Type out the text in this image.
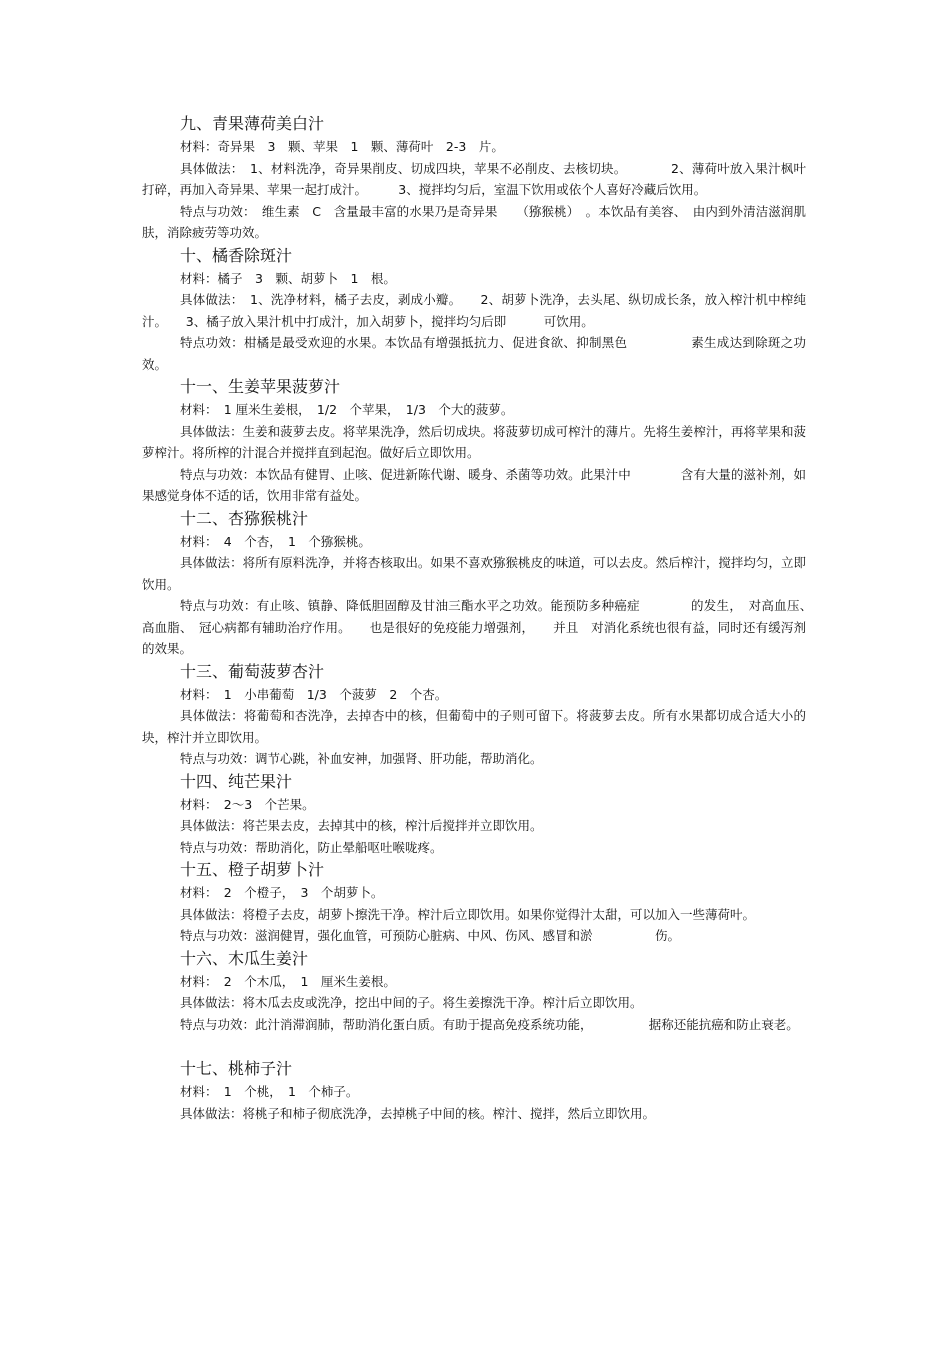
九、青果薄荷美白汁

材料：奇异果　3　颗、苹果　1　颗、薄荷叶　2-3　片。

具体做法：　1、材料洗净，奇异果削皮、切成四块，苹果不必削皮、去核切块。　　　　2、薄荷叶放入果汁枫叶打碎，再加入奇异果、苹果一起打成汁。　　　3、搅拌均匀后，室温下饮用或依个人喜好冷藏后饮用。

特点与功效：　维生素　C　含量最丰富的水果乃是奇异果　　（猕猴桃）　。本饮品有美容、　由内到外清洁滋润肌肤，消除疲劳等功效。

十、橘香除斑汁

材料：橘子　3　颗、胡萝卜　1　根。

具体做法：　1、洗净材料，橘子去皮，剥成小瓣。　　2、胡萝卜洗净，去头尾、纵切成长条，放入榨汁机中榨纯汁。　　3、橘子放入果汁机中打成汁，加入胡萝卜，搅拌均匀后即　　　可饮用。

特点功效：柑橘是最受欢迎的水果。本饮品有增强抵抗力、促进食欲、抑制黑色　　　　　素生成达到除斑之功效。

十一、生姜苹果菠萝汁

材料：　1 厘米生姜根，　1/2　个苹果，　1/3　个大的菠萝。

具体做法：生姜和菠萝去皮。将苹果洗净，然后切成块。将菠萝切成可榨汁的薄片。先将生姜榨汁，再将苹果和菠萝榨汁。将所榨的汁混合并搅拌直到起泡。做好后立即饮用。

特点与功效：本饮品有健胃、止咳、促进新陈代谢、暖身、杀菌等功效。此果汁中　　　　含有大量的滋补剂，如果感觉身体不适的话，饮用非常有益处。

十二、杏猕猴桃汁

材料：　4　个杏，　1　个猕猴桃。

具体做法：将所有原料洗净，并将杏核取出。如果不喜欢猕猴桃皮的味道，可以去皮。然后榨汁，搅拌均匀，立即饮用。

特点与功效：有止咳、镇静、降低胆固醇及甘油三酯水平之功效。能预防多种癌症　　　　的发生，　对高血压、　高血脂、　冠心病都有辅助治疗作用。　　也是很好的免疫能力增强剂，　　并且　对消化系统也很有益，同时还有缓泻剂的效果。

十三、葡萄菠萝杏汁

材料：　1　小串葡萄　1/3　个菠萝　2　个杏。

具体做法：将葡萄和杏洗净，去掉杏中的核，但葡萄中的子则可留下。将菠萝去皮。所有水果都切成合适大小的块，榨汁并立即饮用。

特点与功效：调节心跳，补血安神，加强肾、肝功能，帮助消化。

十四、纯芒果汁

材料：　2～3　个芒果。

具体做法：将芒果去皮，去掉其中的核，榨汁后搅拌并立即饮用。

特点与功效：帮助消化，防止晕船呕吐喉咙疼。

十五、橙子胡萝卜汁

材料：　2　个橙子，　3　个胡萝卜。

具体做法：将橙子去皮，胡萝卜擦洗干净。榨汁后立即饮用。如果你觉得汁太甜，可以加入一些薄荷叶。

特点与功效：滋润健胃，强化血管，可预防心脏病、中风、伤风、感冒和淤　　　　　伤。

十六、木瓜生姜汁

材料：　2　个木瓜，　1　厘米生姜根。

具体做法：将木瓜去皮或洗净，挖出中间的子。将生姜擦洗干净。榨汁后立即饮用。

特点与功效：此汁消滞润肺，帮助消化蛋白质。有助于提高免疫系统功能，　　　　　据称还能抗癌和防止衰老。

十七、桃柿子汁

材料：　1　个桃，　1　个柿子。

具体做法：将桃子和柿子彻底洗净，去掉桃子中间的核。榨汁、搅拌，然后立即饮用。
